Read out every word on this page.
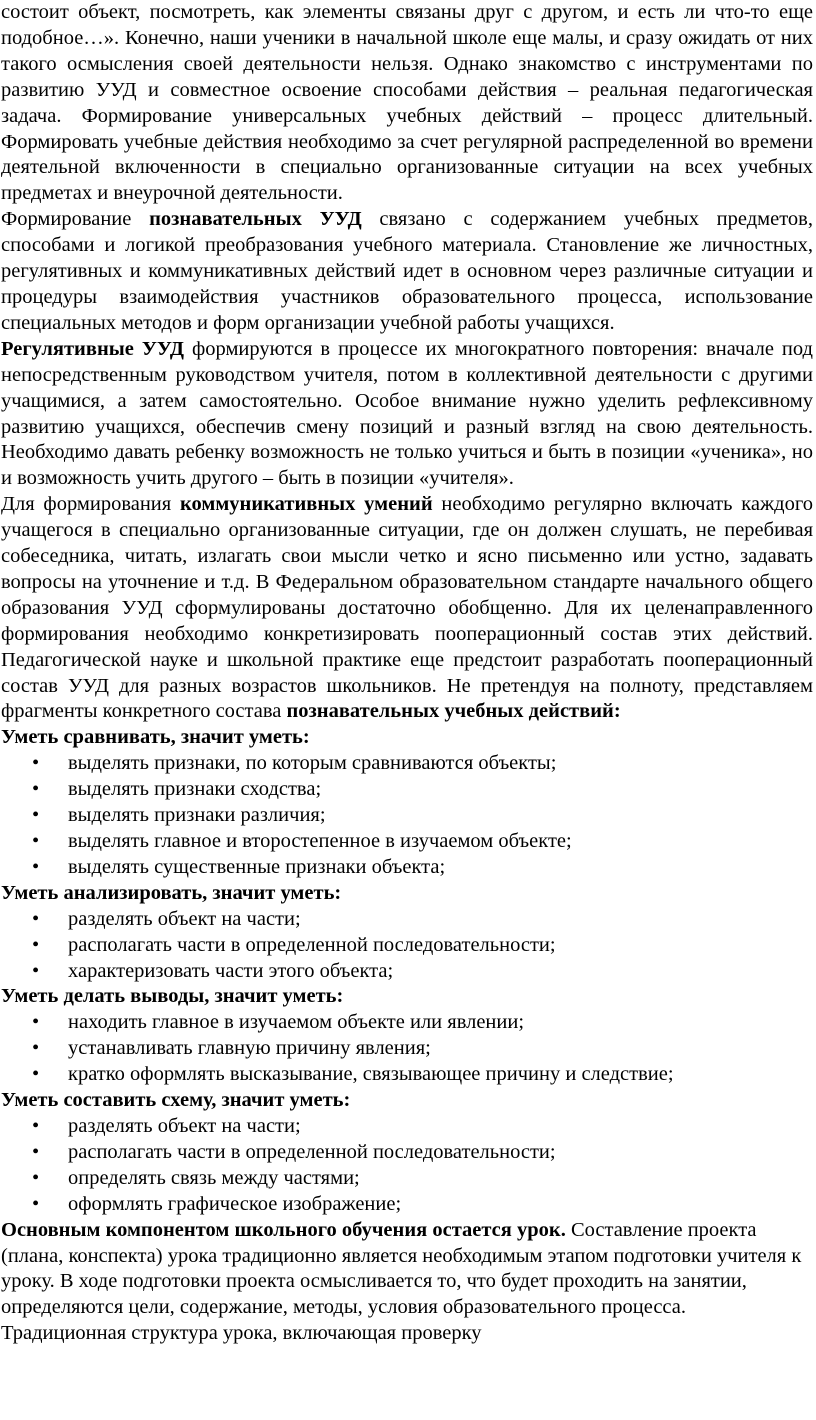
состоит объект, посмотреть, как элементы связаны друг с другом, и есть ли что-то еще подобное…». Конечно, наши ученики в начальной школе еще малы, и сразу ожидать от них такого осмысления своей деятельности нельзя. Однако знакомство с инструментами по развитию УУД и совместное освоение способами действия – реальная педагогическая задача. Формирование универсальных учебных действий – процесс длительный. Формировать учебные действия необходимо за счет регулярной распределенной во времени деятельной включенности в специально организованные ситуации на всех учебных предметах и внеурочной деятельности.

Формирование познавательных УУД связано с содержанием учебных предметов, способами и логикой преобразования учебного материала. Становление же личностных, регулятивных и коммуникативных действий идет в основном через различные ситуации и процедуры взаимодействия участников образовательного процесса, использование специальных методов и форм организации учебной работы учащихся.

Регулятивные УУД формируются в процессе их многократного повторения: вначале под непосредственным руководством учителя, потом в коллективной деятельности с другими учащимися, а затем самостоятельно. Особое внимание нужно уделить рефлексивному развитию учащихся, обеспечив смену позиций и разный взгляд на свою деятельность. Необходимо давать ребенку возможность не только учиться и быть в позиции «ученика», но и возможность учить другого – быть в позиции «учителя».

Для формирования коммуникативных умений необходимо регулярно включать каждого учащегося в специально организованные ситуации, где он должен слушать, не перебивая собеседника, читать, излагать свои мысли четко и ясно письменно или устно, задавать вопросы на уточнение и т.д. В Федеральном образовательном стандарте начального общего образования УУД сформулированы достаточно обобщенно. Для их целенаправленного формирования необходимо конкретизировать пооперационный состав этих действий. Педагогической науке и школьной практике еще предстоит разработать пооперационный состав УУД для разных возрастов школьников. Не претендуя на полноту, представляем фрагменты конкретного состава познавательных учебных действий:

Уметь сравнивать, значит уметь:
• выделять признаки, по которым сравниваются объекты;
• выделять признаки сходства;
• выделять признаки различия;
• выделять главное и второстепенное в изучаемом объекте;
• выделять существенные признаки объекта;
Уметь анализировать, значит уметь:
• разделять объект на части;
• располагать части в определенной последовательности;
• характеризовать части этого объекта;
Уметь делать выводы, значит уметь:
• находить главное в изучаемом объекте или явлении;
• устанавливать главную причину явления;
• кратко оформлять высказывание, связывающее причину и следствие;
Уметь составить схему, значит уметь:
• разделять объект на части;
• располагать части в определенной последовательности;
• определять связь между частями;
• оформлять графическое изображение;

Основным компонентом школьного обучения остается урок. Составление проекта (плана, конспекта) урока традиционно является необходимым этапом подготовки учителя к уроку. В ходе подготовки проекта осмысливается то, что будет проходить на занятии, определяются цели, содержание, методы, условия образовательного процесса. Традиционная структура урока, включающая проверку
